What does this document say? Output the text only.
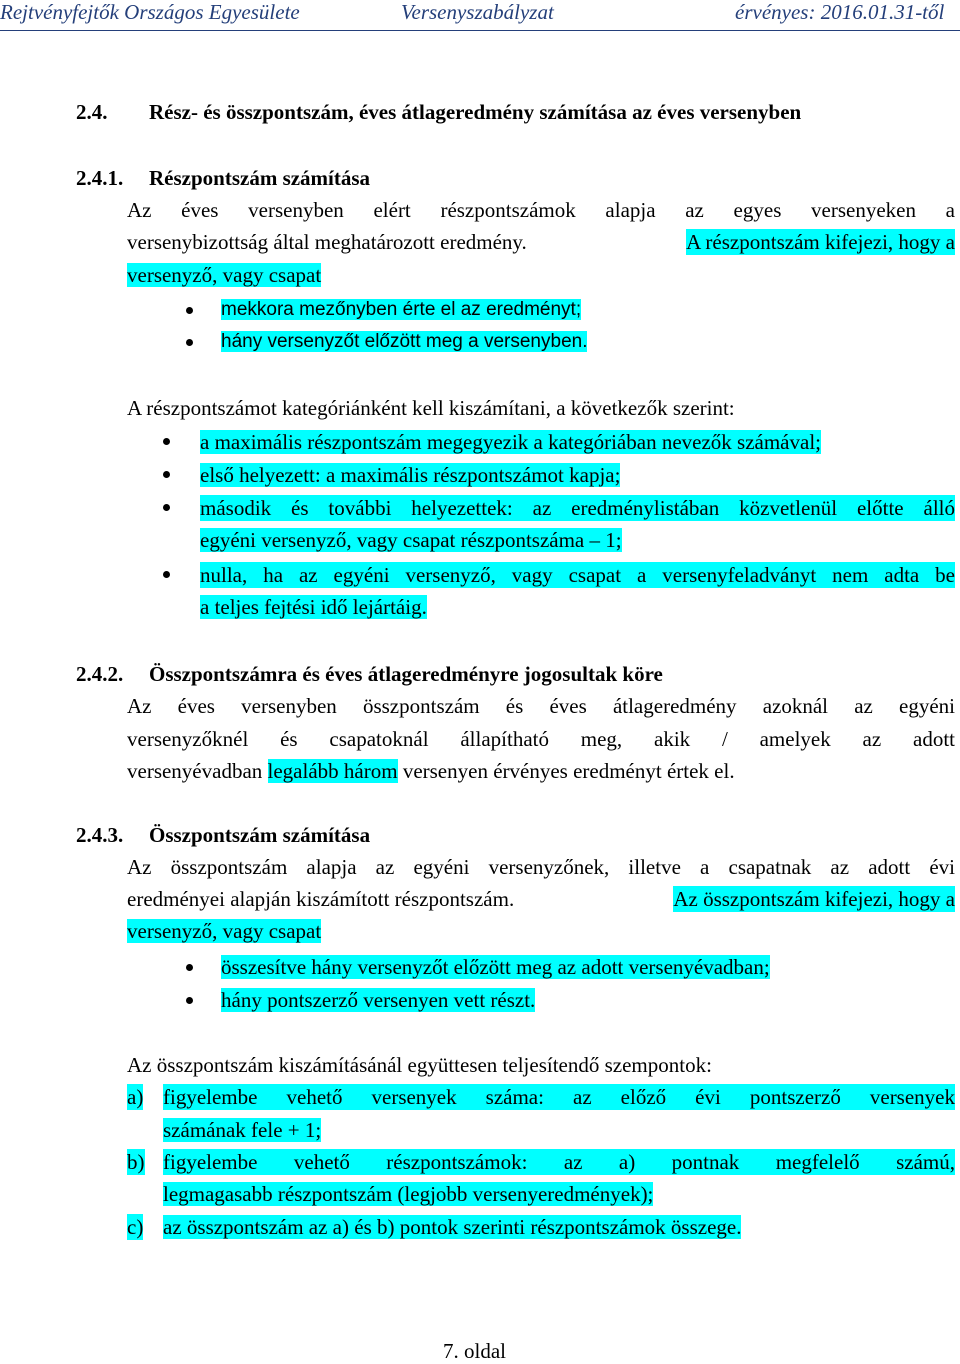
Rejtvényfejtők Országos Egyesülete	Versenyszabályzat	érvényes: 2016.01.31-től
2.4. Rész- és összpontszám, éves átlageredmény számítása az éves versenyben
2.4.1. Részpontszám számítása
Az éves versenyben elért részpontszámok alapja az egyes versenyeken a
versenybizottság által meghatározott eredmény.	A részpontszám kifejezi, hogy a
versenyző, vagy csapat
mekkora mezőnyben érte el az eredményt;
hány versenyzőt előzött meg a versenyben.
A részpontszámot kategóriánként kell kiszámítani, a következők szerint:
a maximális részpontszám megegyezik a kategóriában nevezők számával;
első helyezett: a maximális részpontszámot kapja;
második és további helyezettek: az eredménylistában közvetlenül előtte álló
egyéni versenyző, vagy csapat részpontszáma – 1;
nulla, ha az egyéni versenyző, vagy csapat a versenyfeladványt nem adta be
a teljes fejtési idő lejártáig.
2.4.2. Összpontszámra és éves átlageredményre jogosultak köre
Az éves versenyben összpontszám és éves átlageredmény azoknál az egyéni
versenyzőknél és csapatoknál állapítható meg, akik / amelyek az adott
versenyévadban legalább három versenyen érvényes eredményt értek el.
2.4.3. Összpontszám számítása
Az összpontszám alapja az egyéni versenyzőnek, illetve a csapatnak az adott évi
eredményei alapján kiszámított részpontszám.	Az összpontszám kifejezi, hogy a
versenyző, vagy csapat
összesítve hány versenyzőt előzött meg az adott versenyévadban;
hány pontszerző versenyen vett részt.
Az összpontszám kiszámításánál együttesen teljesítendő szempontok:
a) figyelembe vehető versenyek száma: az előző évi pontszerző versenyek
számának fele + 1;
b) figyelembe vehető részpontszámok: az a) pontnak megfelelő számú,
legmagasabb részpontszám (legjobb versenyeredmények);
c) az összpontszám az a) és b) pontok szerinti részpontszámok összege.
7. oldal
